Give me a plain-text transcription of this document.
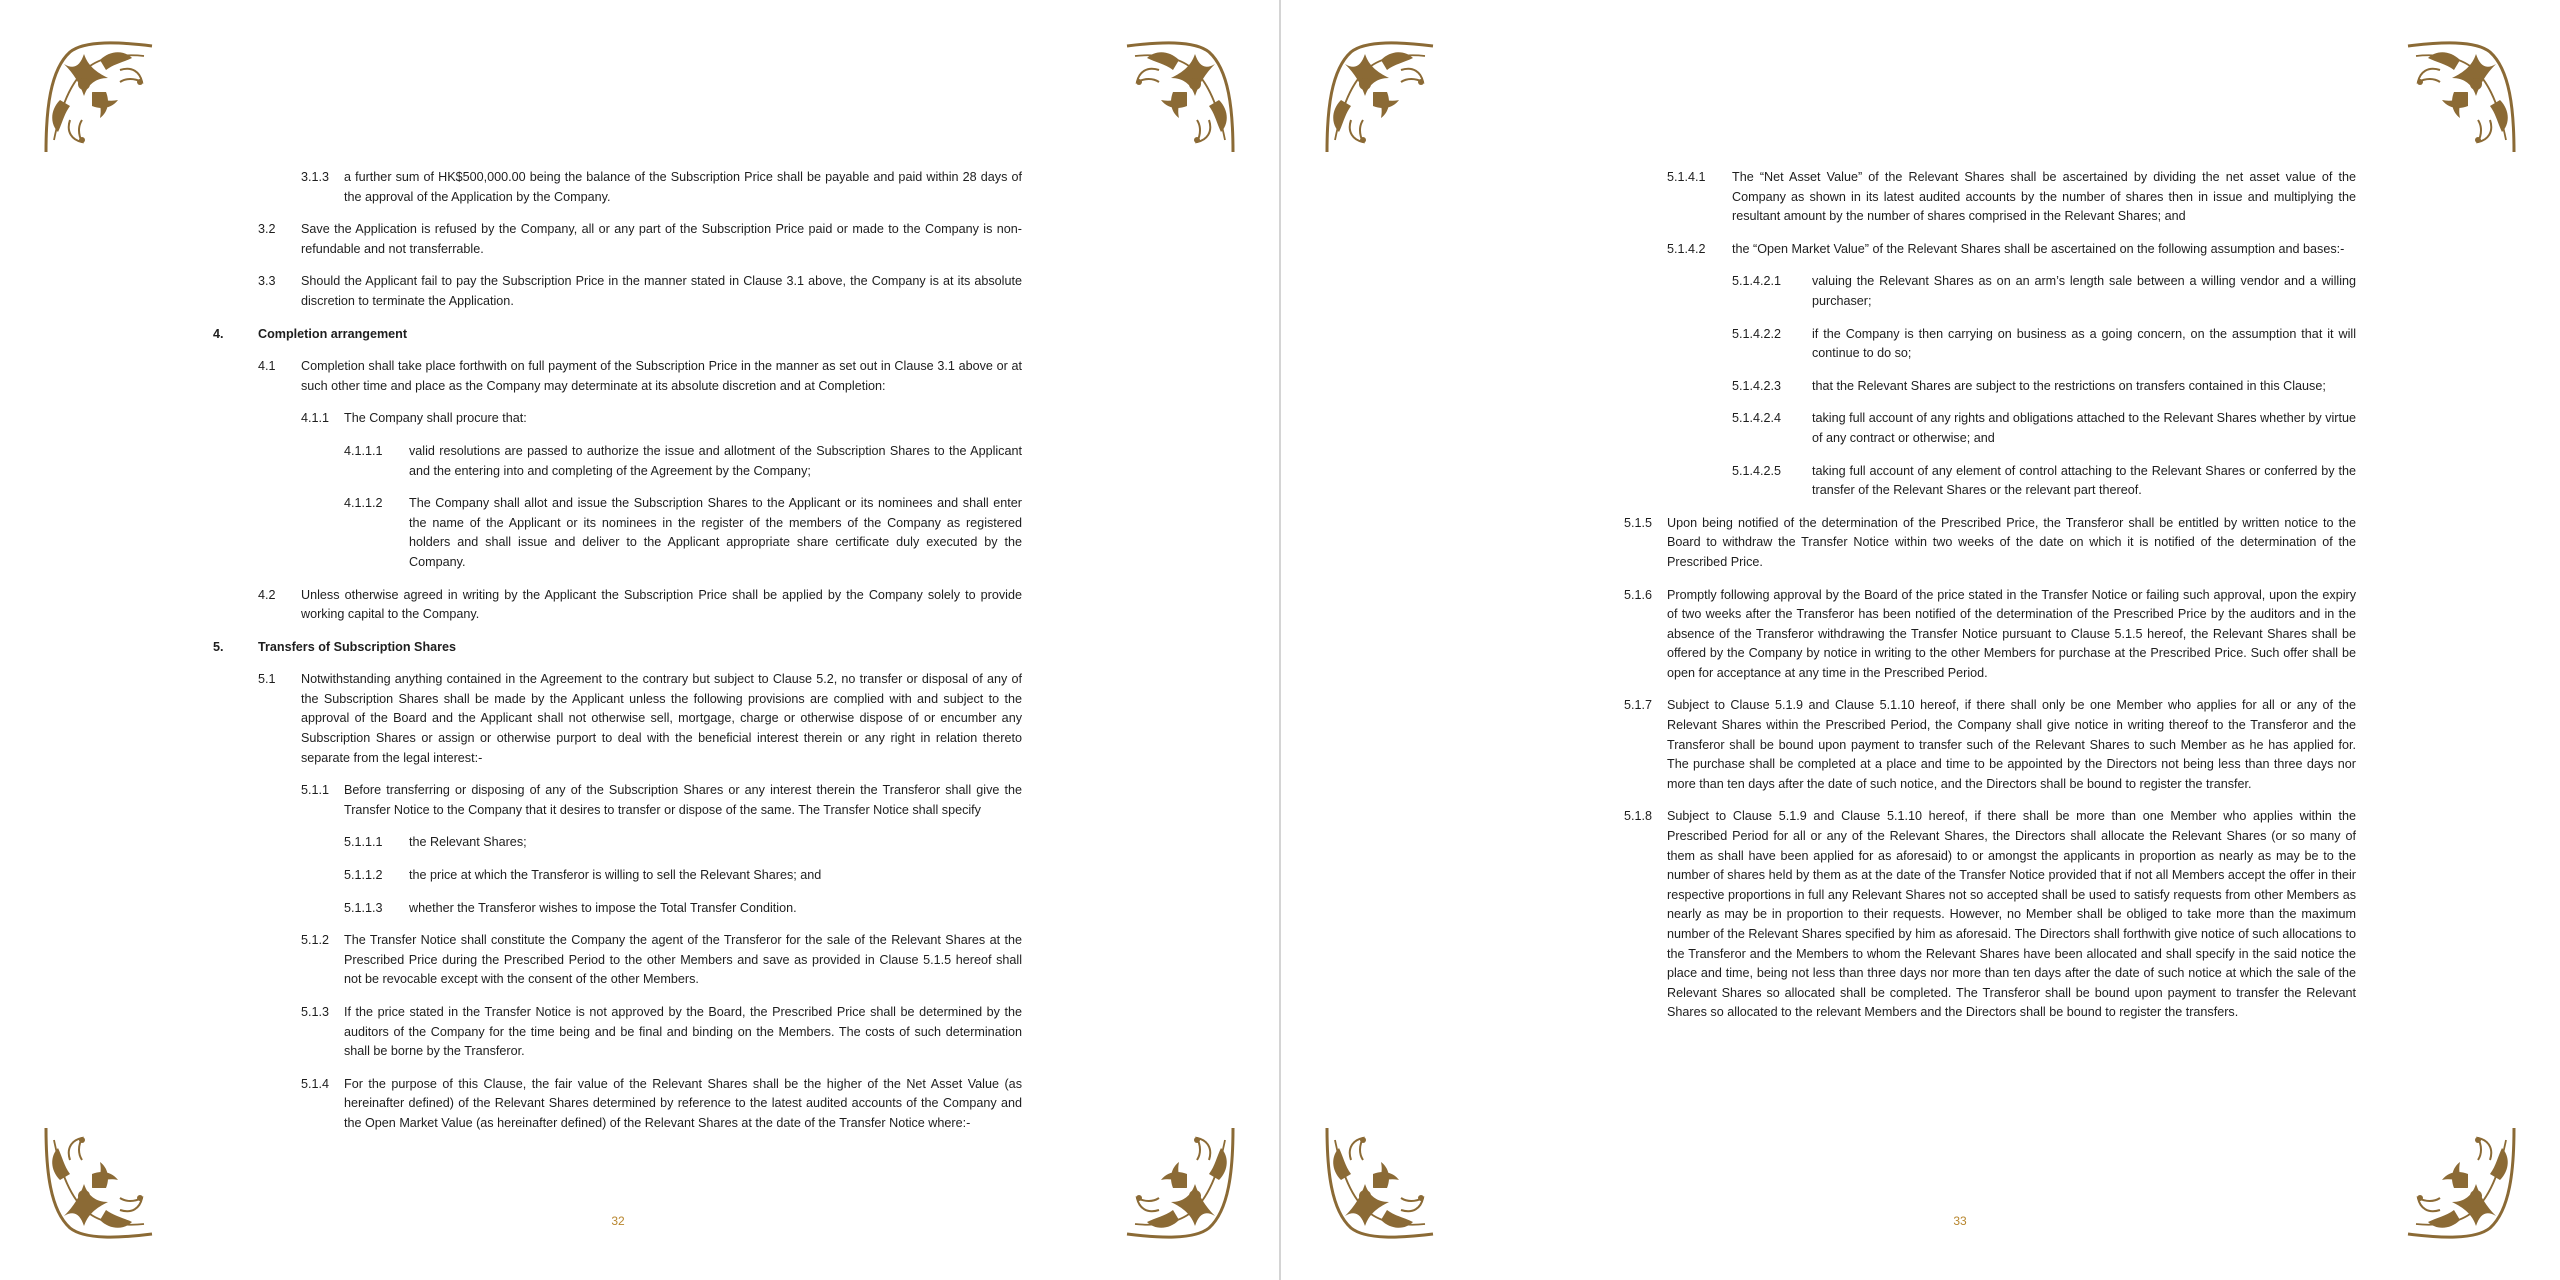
3.1.3	a further sum of HK$500,000.00 being the balance of the Subscription Price shall be payable and paid within 28 days of the approval of the Application by the Company.
3.2	Save the Application is refused by the Company, all or any part of the Subscription Price paid or made to the Company is non-refundable and not transferrable.
3.3	Should the Applicant fail to pay the Subscription Price in the manner stated in Clause 3.1 above, the Company is at its absolute discretion to terminate the Application.
4.	Completion arrangement
4.1	Completion shall take place forthwith on full payment of the Subscription Price in the manner as set out in Clause 3.1 above or at such other time and place as the Company may determinate at its absolute discretion and at Completion:
4.1.1	The Company shall procure that:
4.1.1.1	valid resolutions are passed to authorize the issue and allotment of the Subscription Shares to the Applicant and the entering into and completing of the Agreement by the Company;
4.1.1.2	The Company shall allot and issue the Subscription Shares to the Applicant or its nominees and shall enter the name of the Applicant or its nominees in the register of the members of the Company as registered holders and shall issue and deliver to the Applicant appropriate share certificate duly executed by the Company.
4.2	Unless otherwise agreed in writing by the Applicant the Subscription Price shall be applied by the Company solely to provide working capital to the Company.
5.	Transfers of Subscription Shares
5.1	Notwithstanding anything contained in the Agreement to the contrary but subject to Clause 5.2, no transfer or disposal of any of the Subscription Shares shall be made by the Applicant unless the following provisions are complied with and subject to the approval of the Board and the Applicant shall not otherwise sell, mortgage, charge or otherwise dispose of or encumber any Subscription Shares or assign or otherwise purport to deal with the beneficial interest therein or any right in relation thereto separate from the legal interest:-
5.1.1	Before transferring or disposing of any of the Subscription Shares or any interest therein the Transferor shall give the Transfer Notice to the Company that it desires to transfer or dispose of the same. The Transfer Notice shall specify
5.1.1.1	the Relevant Shares;
5.1.1.2	the price at which the Transferor is willing to sell the Relevant Shares; and
5.1.1.3	whether the Transferor wishes to impose the Total Transfer Condition.
5.1.2	The Transfer Notice shall constitute the Company the agent of the Transferor for the sale of the Relevant Shares at the Prescribed Price during the Prescribed Period to the other Members and save as provided in Clause 5.1.5 hereof shall not be revocable except with the consent of the other Members.
5.1.3	If the price stated in the Transfer Notice is not approved by the Board, the Prescribed Price shall be determined by the auditors of the Company for the time being and be final and binding on the Members. The costs of such determination shall be borne by the Transferor.
5.1.4	For the purpose of this Clause, the fair value of the Relevant Shares shall be the higher of the Net Asset Value (as hereinafter defined) of the Relevant Shares determined by reference to the latest audited accounts of the Company and the Open Market Value (as hereinafter defined) of the Relevant Shares at the date of the Transfer Notice where:-
32
5.1.4.1	The “Net Asset Value” of the Relevant Shares shall be ascertained by dividing the net asset value of the Company as shown in its latest audited accounts by the number of shares then in issue and multiplying the resultant amount by the number of shares comprised in the Relevant Shares; and
5.1.4.2	the “Open Market Value” of the Relevant Shares shall be ascertained on the following assumption and bases:-
5.1.4.2.1	valuing the Relevant Shares as on an arm’s length sale between a willing vendor and a willing purchaser;
5.1.4.2.2	if the Company is then carrying on business as a going concern, on the assumption that it will continue to do so;
5.1.4.2.3	that the Relevant Shares are subject to the restrictions on transfers contained in this Clause;
5.1.4.2.4	taking full account of any rights and obligations attached to the Relevant Shares whether by virtue of any contract or otherwise; and
5.1.4.2.5	taking full account of any element of control attaching to the Relevant Shares or conferred by the transfer of the Relevant Shares or the relevant part thereof.
5.1.5	Upon being notified of the determination of the Prescribed Price, the Transferor shall be entitled by written notice to the Board to withdraw the Transfer Notice within two weeks of the date on which it is notified of the determination of the Prescribed Price.
5.1.6	Promptly following approval by the Board of the price stated in the Transfer Notice or failing such approval, upon the expiry of two weeks after the Transferor has been notified of the determination of the Prescribed Price by the auditors and in the absence of the Transferor withdrawing the Transfer Notice pursuant to Clause 5.1.5 hereof, the Relevant Shares shall be offered by the Company by notice in writing to the other Members for purchase at the Prescribed Price. Such offer shall be open for acceptance at any time in the Prescribed Period.
5.1.7	Subject to Clause 5.1.9 and Clause 5.1.10 hereof, if there shall only be one Member who applies for all or any of the Relevant Shares within the Prescribed Period, the Company shall give notice in writing thereof to the Transferor and the Transferor shall be bound upon payment to transfer such of the Relevant Shares to such Member as he has applied for. The purchase shall be completed at a place and time to be appointed by the Directors not being less than three days nor more than ten days after the date of such notice, and the Directors shall be bound to register the transfer.
5.1.8	Subject to Clause 5.1.9 and Clause 5.1.10 hereof, if there shall be more than one Member who applies within the Prescribed Period for all or any of the Relevant Shares, the Directors shall allocate the Relevant Shares (or so many of them as shall have been applied for as aforesaid) to or amongst the applicants in proportion as nearly as may be to the number of shares held by them as at the date of the Transfer Notice provided that if not all Members accept the offer in their respective proportions in full any Relevant Shares not so accepted shall be used to satisfy requests from other Members as nearly as may be in proportion to their requests. However, no Member shall be obliged to take more than the maximum number of the Relevant Shares specified by him as aforesaid. The Directors shall forthwith give notice of such allocations to the Transferor and the Members to whom the Relevant Shares have been allocated and shall specify in the said notice the place and time, being not less than three days nor more than ten days after the date of such notice at which the sale of the Relevant Shares so allocated shall be completed. The Transferor shall be bound upon payment to transfer the Relevant Shares so allocated to the relevant Members and the Directors shall be bound to register the transfers.
33
